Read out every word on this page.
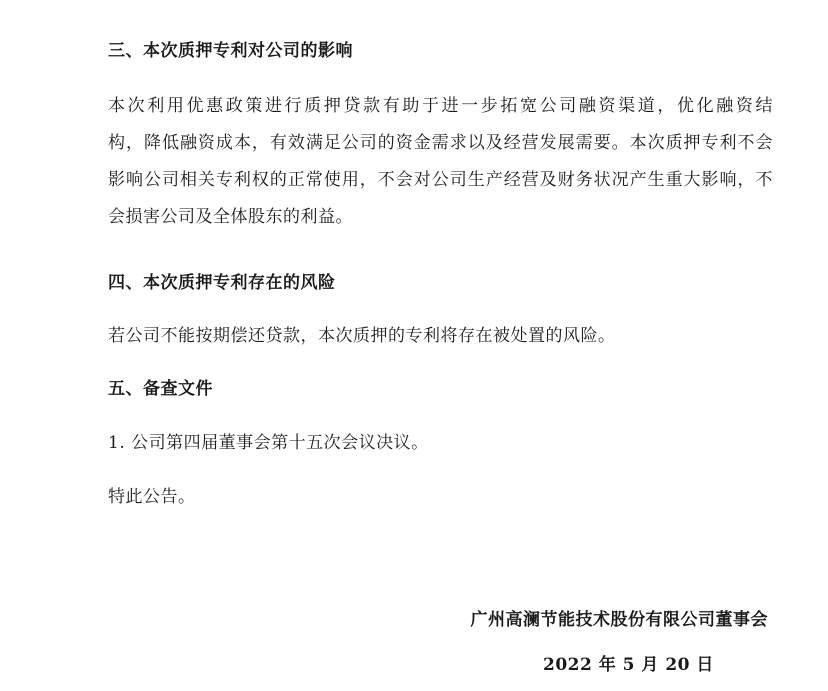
三、本次质押专利对公司的影响
本次利用优惠政策进行质押贷款有助于进一步拓宽公司融资渠道，优化融资结
构，降低融资成本，有效满足公司的资金需求以及经营发展需要。本次质押专利不会
影响公司相关专利权的正常使用，不会对公司生产经营及财务状况产生重大影响，不
会损害公司及全体股东的利益。
四、本次质押专利存在的风险
若公司不能按期偿还贷款，本次质押的专利将存在被处置的风险。
五、备查文件
1. 公司第四届董事会第十五次会议决议。
特此公告。
广州高澜节能技术股份有限公司董事会
2022 年 5 月 20 日
